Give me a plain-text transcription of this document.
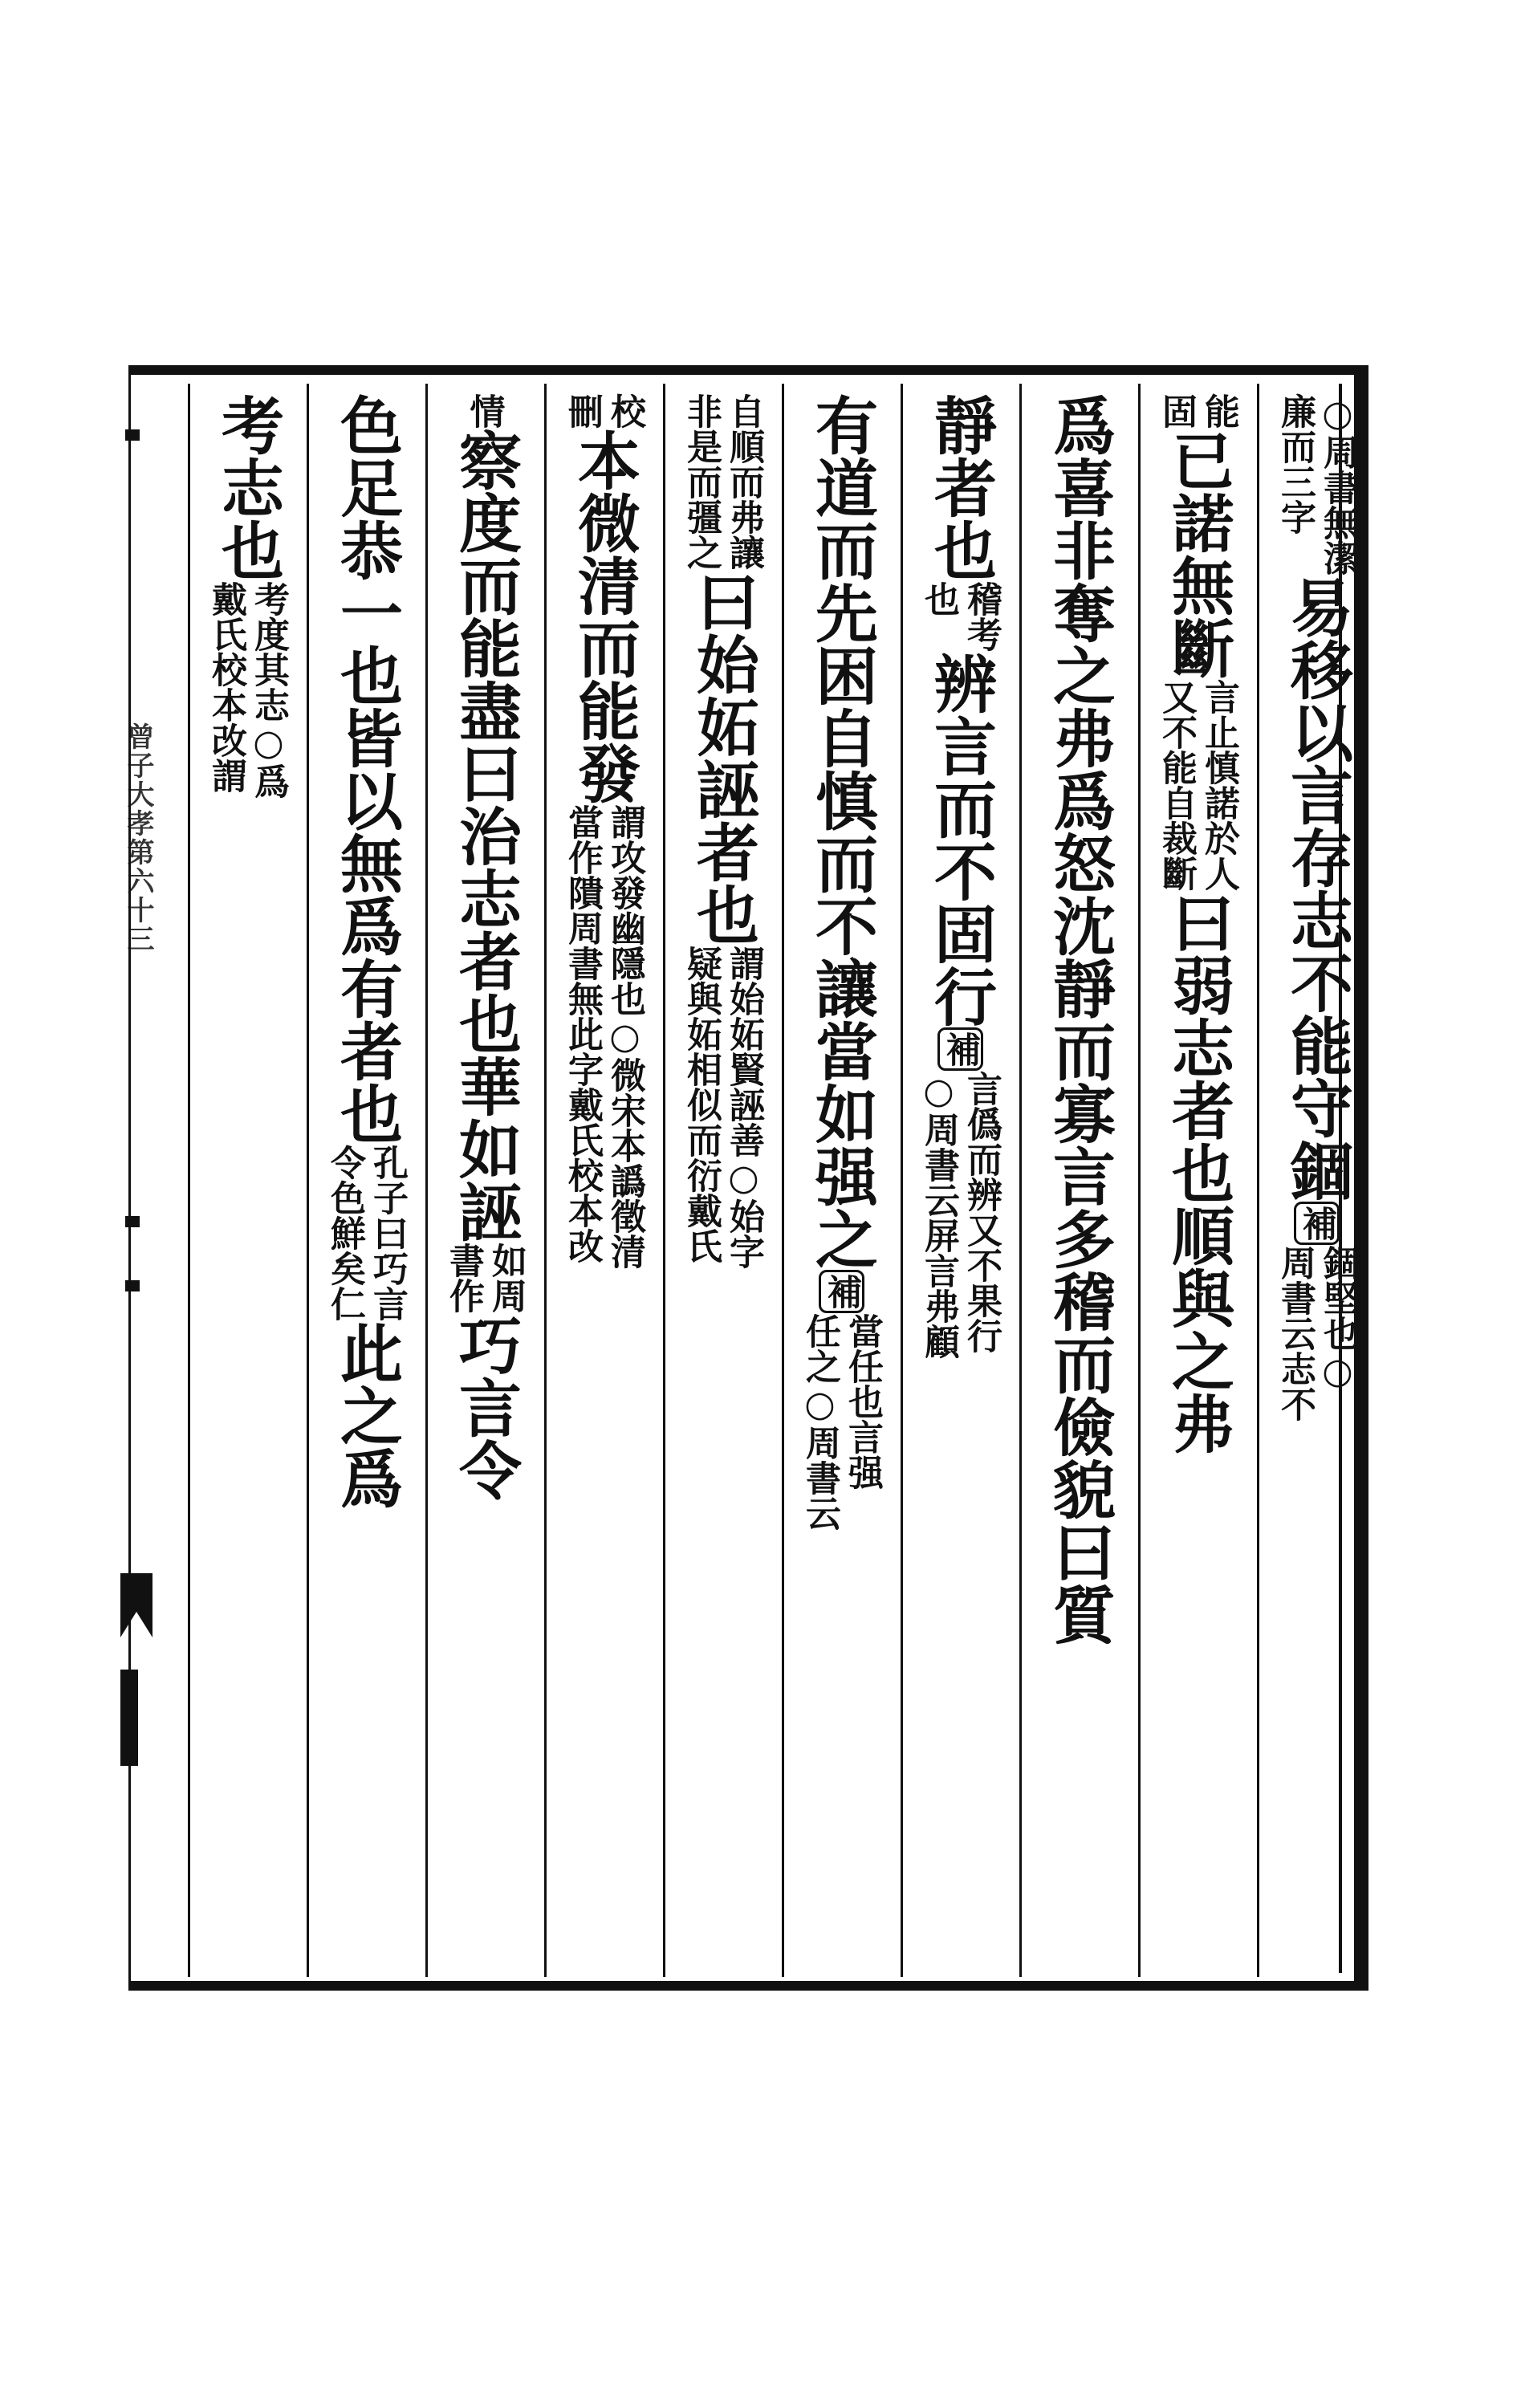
曾子大孝第六十三
○周書無潔
廉而三字
易移以言存志不能守錮
補
錮堅也○
周書云志不
能
固
已諾無斷
言止慎諾於人
又不能自裁斷
曰弱志者也順與之弗
爲喜非奪之弗爲怒沈靜而寡言多稽而儉貌曰質
靜者也
稽考
也
辨言而不固行
補
言僞而辨又不果行
○周書云屏言弗顧
有道而先困自慎而不讓當如强之
補
當任也言强
任之○周書云
自順而弗讓
非是而彊之
曰始妬誣者也
謂始妬賢誣善○始字
疑與妬相似而衍戴氏
校
刪
本
微清而能發
謂攻發幽隱也○微宋本譌徵清
當作隤周書無此字戴氏校本改
情
察度而能盡曰治志者也華如誣
如周
書作
巧言令
色足恭一也皆以無爲有者也
孔子曰巧言
令色鮮矣仁
此之爲
考志也
考度其志○爲
戴氏校本改謂
